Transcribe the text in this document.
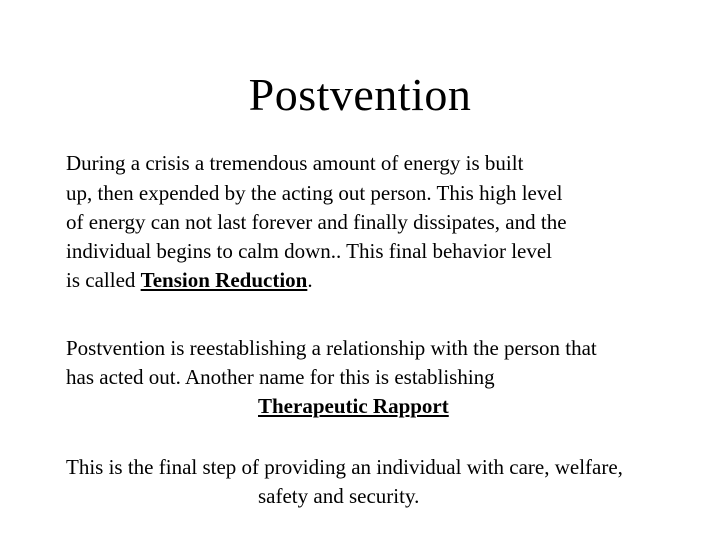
Postvention
During a crisis a tremendous amount of energy is built
up, then expended by the acting out person. This high level
of energy can not last forever and finally dissipates, and the
individual begins to calm down.. This final behavior level
is called Tension Reduction.
Postvention is reestablishing a relationship with the person that
has acted out. Another name for this is establishing
Therapeutic Rapport
This is the final step of providing an individual with care, welfare,
safety and security.
